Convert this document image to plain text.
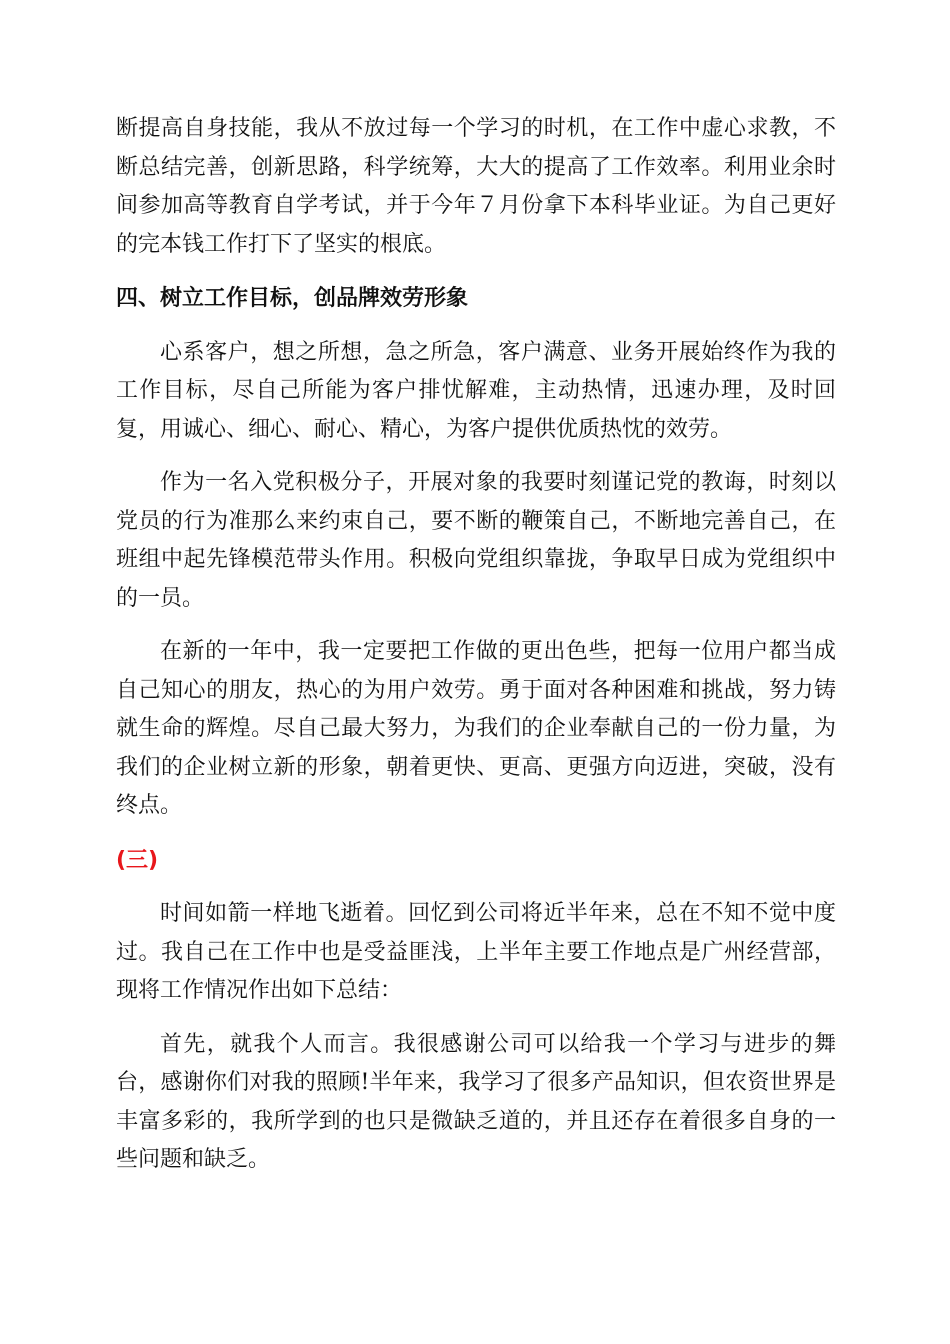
断提高自身技能，我从不放过每一个学习的时机，在工作中虚心求教，不断总结完善，创新思路，科学统筹，大大的提高了工作效率。利用业余时间参加高等教育自学考试，并于今年７月份拿下本科毕业证。为自己更好的完本钱工作打下了坚实的根底。

四、树立工作目标，创品牌效劳形象

心系客户，想之所想，急之所急，客户满意、业务开展始终作为我的工作目标，尽自己所能为客户排忧解难，主动热情，迅速办理，及时回复，用诚心、细心、耐心、精心，为客户提供优质热忱的效劳。

作为一名入党积极分子，开展对象的我要时刻谨记党的教诲，时刻以党员的行为准那么来约束自己，要不断的鞭策自己，不断地完善自己，在班组中起先锋模范带头作用。积极向党组织靠拢，争取早日成为党组织中的一员。

在新的一年中，我一定要把工作做的更出色些，把每一位用户都当成自己知心的朋友，热心的为用户效劳。勇于面对各种困难和挑战，努力铸就生命的辉煌。尽自己最大努力，为我们的企业奉献自己的一份力量，为我们的企业树立新的形象，朝着更快、更高、更强方向迈进，突破，没有终点。

(三)

时间如箭一样地飞逝着。回忆到公司将近半年来，总在不知不觉中度过。我自己在工作中也是受益匪浅，上半年主要工作地点是广州经营部，现将工作情况作出如下总结：

首先，就我个人而言。我很感谢公司可以给我一个学习与进步的舞台，感谢你们对我的照顾!半年来，我学习了很多产品知识，但农资世界是丰富多彩的，我所学到的也只是微缺乏道的，并且还存在着很多自身的一些问题和缺乏。
